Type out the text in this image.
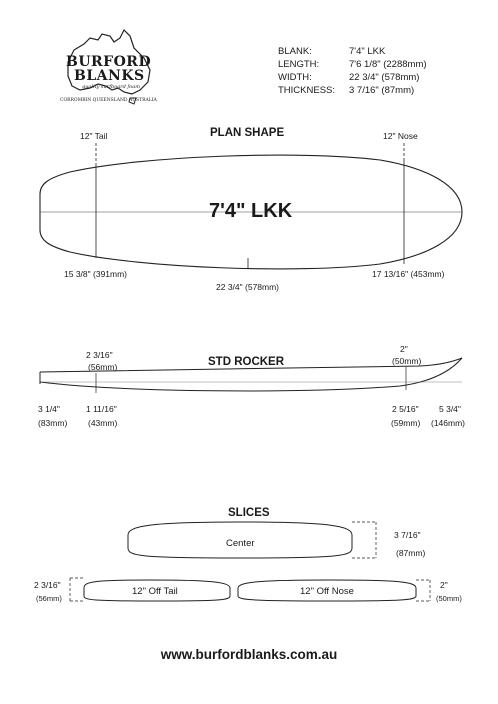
BURFORD
BLANKS
quality surfboard foam
CORROMBIN QUEENSLAND AUSTRALIA
BLANK:	7'4" LKK
LENGTH:	7'6 1/8" (2288mm)
WIDTH:	22 3/4" (578mm)
THICKNESS: 3 7/16" (87mm)
PLAN SHAPE
12" Tail	12" Nose
7'4" LKK
15 3/8" (391mm)
22 3/4" (578mm)
17 13/16" (453mm)
STD ROCKER
2 3/16"
(56mm)
2"
(50mm)
3 1/4"
(83mm)
1 11/16"
(43mm)
2 5/16"
(59mm)
5 3/4"
(146mm)
SLICES
Center
3 7/16"
(87mm)
12" Off Tail
2 3/16"
(56mm)
12" Off Nose
2"
(50mm)
www.burfordblanks.com.au
